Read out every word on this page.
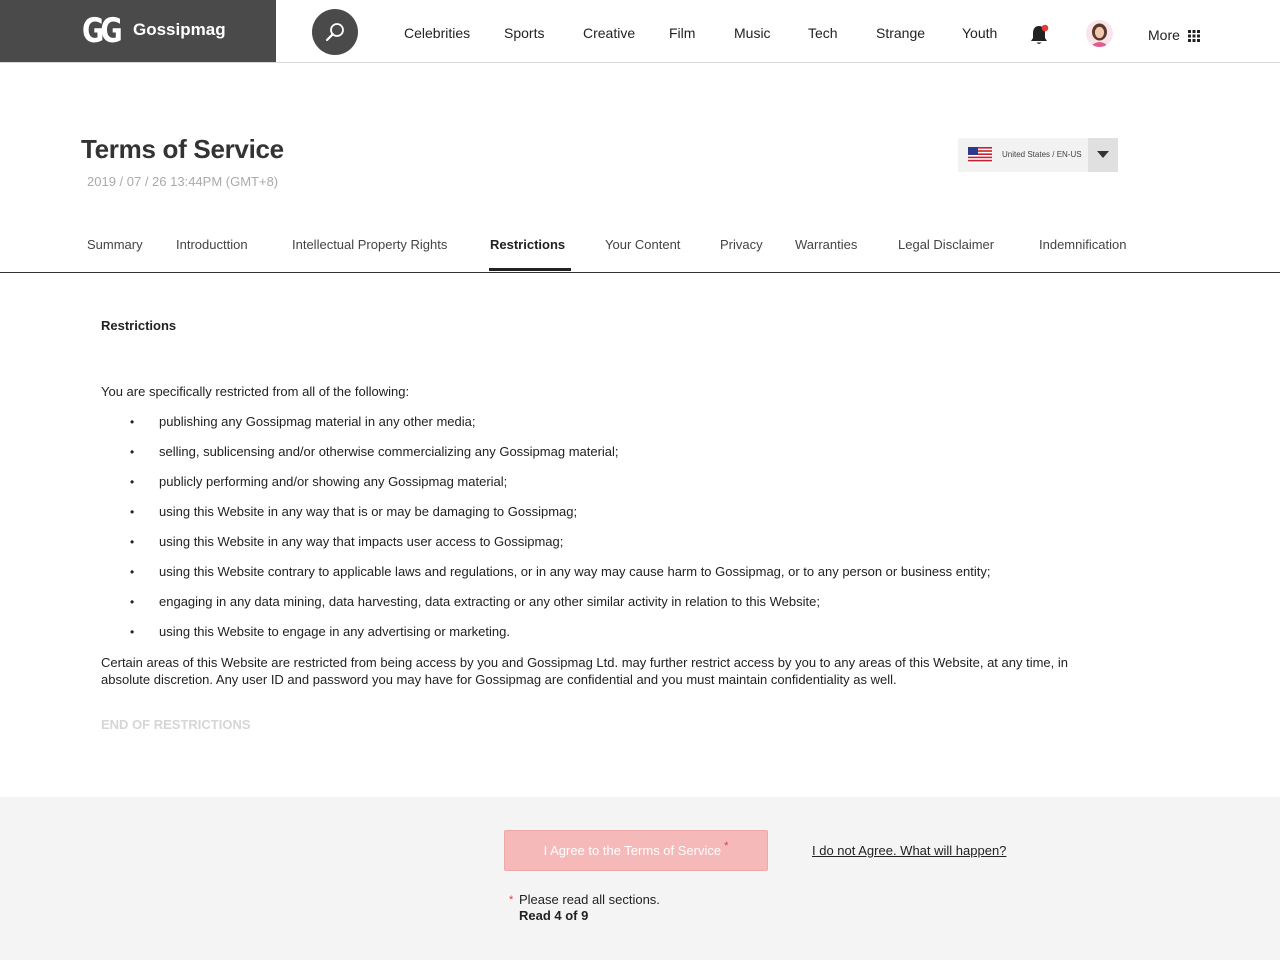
GG Gossipmag	Celebrities Sports	Creative Film	Music	Tech	Strange	Youth	More
Terms of Service
2019 / 07 / 26 13:44PM (GMT+8)
United States / EN-US
Summary	Introducttion	Intellectual Property Rights	Restrictions	Your Content	Privacy Warranties	Legal Disclaimer	Indemnification
Restrictions

You are specifically restricted from all of the following:

• publishing any Gossipmag material in any other media;
• selling, sublicensing and/or otherwise commercializing any Gossipmag material;
• publicly performing and/or showing any Gossipmag material;
• using this Website in any way that is or may be damaging to Gossipmag;
• using this Website in any way that impacts user access to Gossipmag;
• using this Website contrary to applicable laws and regulations, or in any way may cause harm to Gossipmag, or to any person or business entity;
• engaging in any data mining, data harvesting, data extracting or any other similar activity in relation to this Website;
• using this Website to engage in any advertising or marketing.

Certain areas of this Website are restricted from being access by you and Gossipmag Ltd. may further restrict access by you to any areas of this Website, at any time, in absolute discretion. Any user ID and password you may have for Gossipmag are confidential and you must maintain confidentiality as well.

END OF RESTRICTIONS
I Agree to the Terms of Service *	I do not Agree. What will happen?
* Please read all sections.
Read 4 of 9
